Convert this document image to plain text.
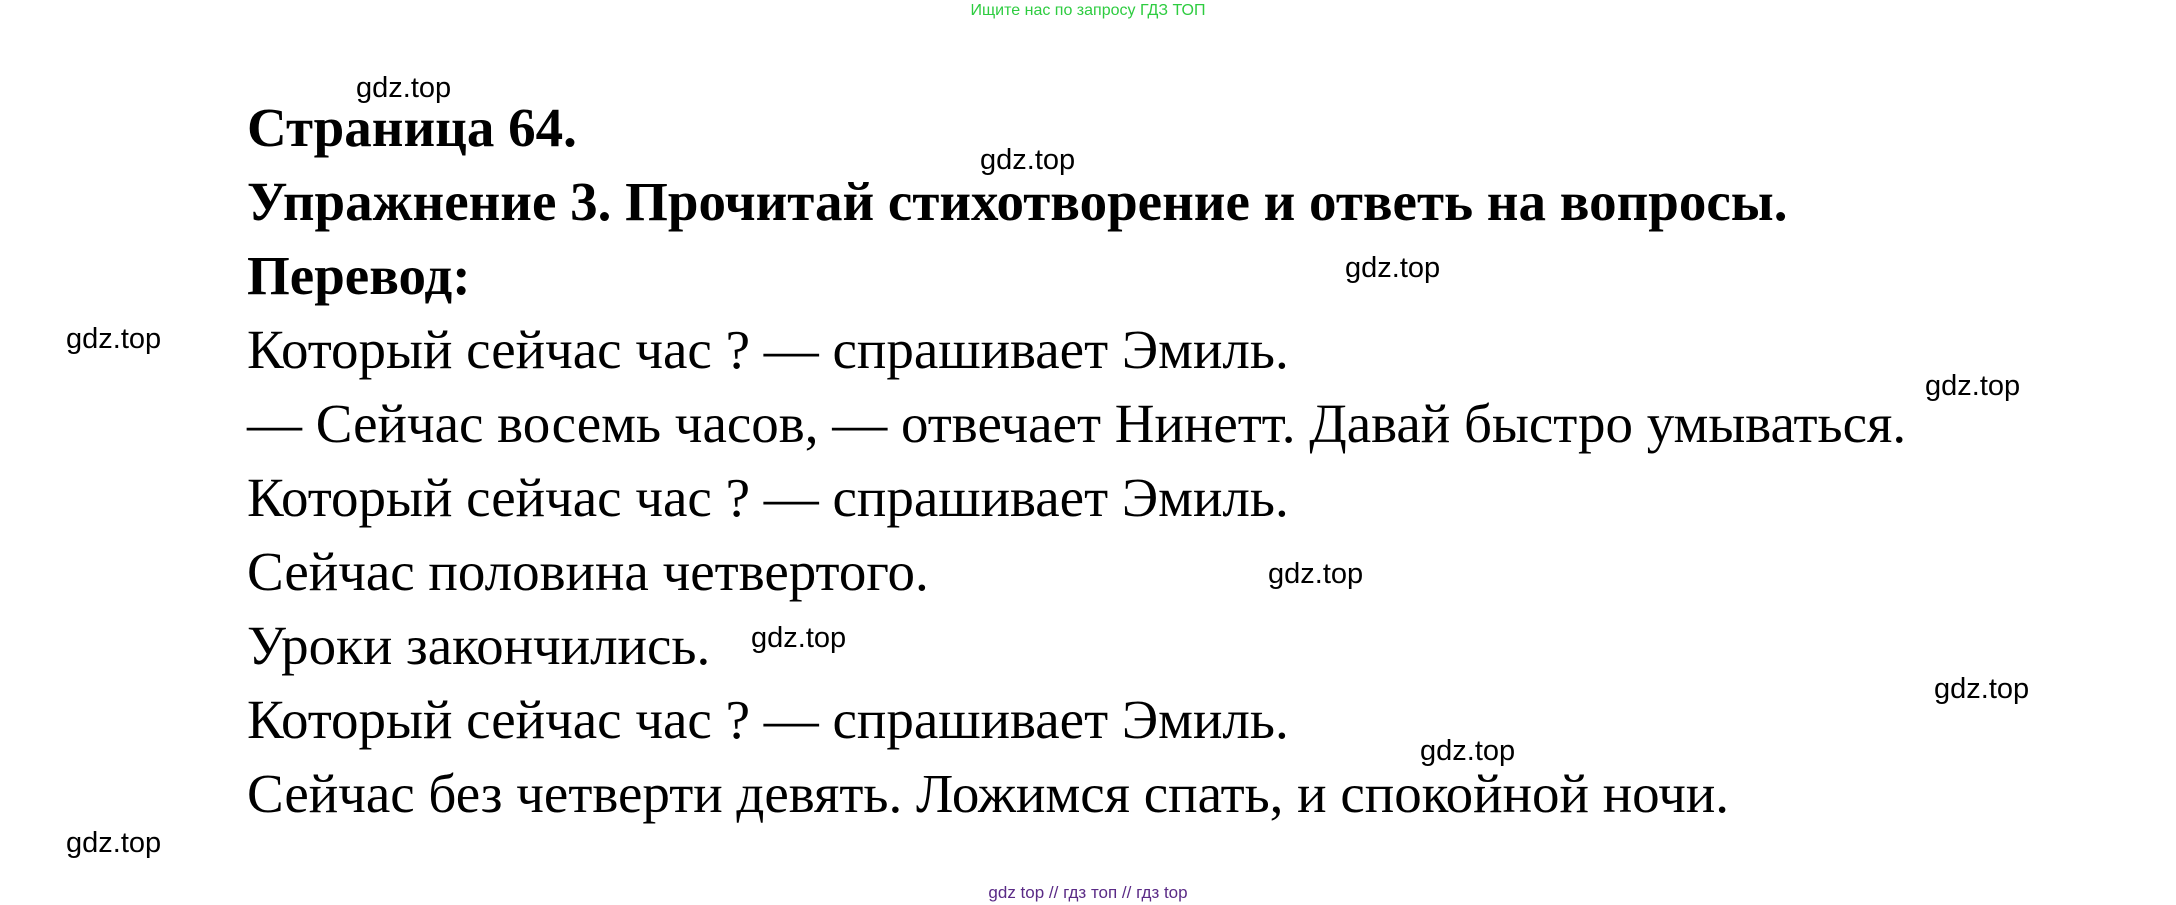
Ищите нас по запросу ГДЗ ТОП

Страница 64.

Упражнение 3. Прочитай стихотворение и ответь на вопросы.

Перевод:

Который сейчас час ? — спрашивает Эмиль.

— Сейчас восемь часов, — отвечает Нинетт. Давай быстро умываться.

Который сейчас час ? — спрашивает Эмиль.

Сейчас половина четвертого.

Уроки закончились.

Который сейчас час ? — спрашивает Эмиль.

Сейчас без четверти девять. Ложимся спать, и спокойной ночи.

gdz.top
gdz.top
gdz.top
gdz.top
gdz.top
gdz.top
gdz.top
gdz.top
gdz.top
gdz.top
gdz top // гдз топ // гдз top
